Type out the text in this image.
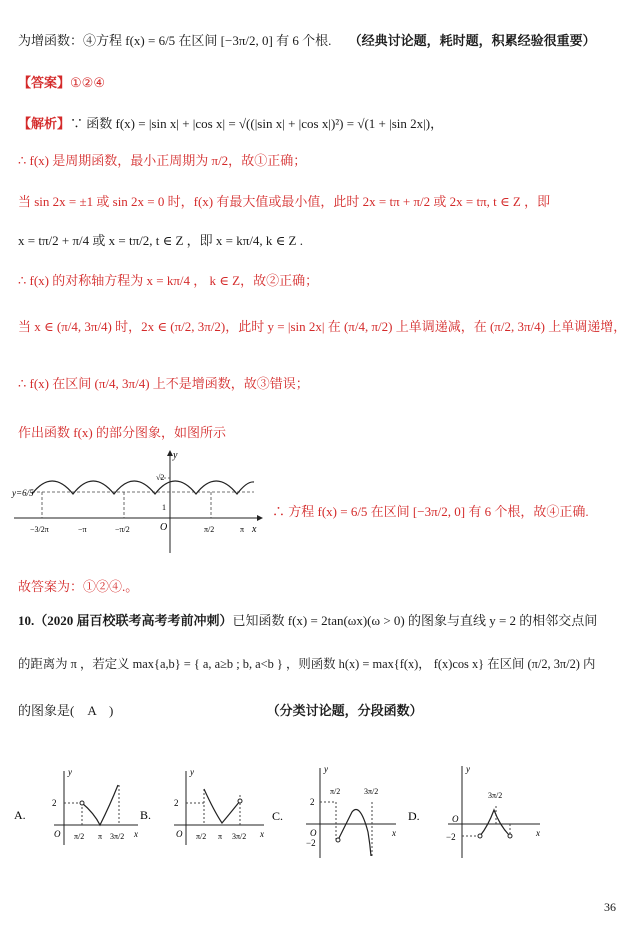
为增函数：④方程 f(x) = 6/5 在区间 [−3π/2, 0] 有 6 个根. （经典讨论题，耗时题，积累经验很重要）
【答案】①②④
【解析】∵ 函数 f(x) = |sin x| + |cos x| = √((|sin x| + |cos x|)²) = √(1 + |sin 2x|)，
∴ f(x) 是周期函数，最小正周期为 π/2，故①正确；
当 sin 2x = ±1 或 sin 2x = 0 时，f(x) 有最大值或最小值，此时 2x = tπ + π/2 或 2x = tπ, t ∈ Z ，即
x = tπ/2 + π/4 或 x = tπ/2, t ∈ Z ，即 x = kπ/4, k ∈ Z .
∴ f(x) 的对称轴方程为 x = kπ/4 ， k ∈ Z，故②正确；
当 x ∈ (π/4, 3π/4) 时，2x ∈ (π/2, 3π/2)，此时 y = |sin 2x| 在 (π/4, π/2) 上单调递减，在 (π/2, 3π/4) 上单调递增，
∴ f(x) 在区间 (π/4, 3π/4) 上不是增函数，故③错误；
作出函数 f(x) 的部分图象，如图所示
y
x
O
y=6/5
√2
1
−3/2π	−π	−π/2	π/2	π
∴ 方程 f(x) = 6/5 在区间 [−3π/2, 0] 有 6 个根，故④正确.
故答案为：①②④.。
10.（2020 届百校联考高考考前冲刺）已知函数 f(x) = 2tan(ωx)(ω > 0) 的图象与直线 y = 2 的相邻交点间
的距离为 π ，若定义 max{a,b} = { a, a≥b ; b, a<b } ，则函数 h(x) = max{f(x)， f(x)cos x} 在区间 (π/2, 3π/2) 内
的图象是(　A　)	（分类讨论题，分段函数）
A.
y
x
O
2
π/2 π 3π/2
B.
y
x
O
2
π/2 π 3π/2
C.
y
x
O
2
−2
π/2	3π/2
D.
y
x
O
−2
3π/2
36
